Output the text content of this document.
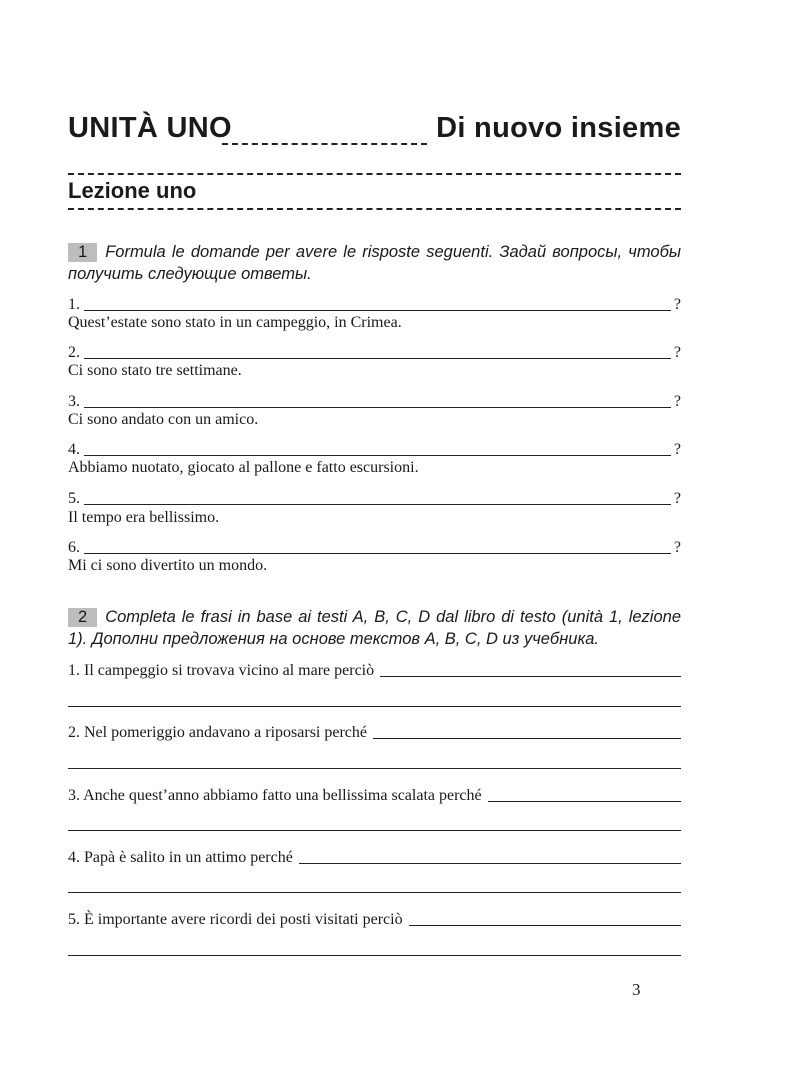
UNITÀ UNO	Di nuovo insieme
Lezione uno
1 Formula le domande per avere le risposte seguenti. Задай вопросы, чтобы получить следующие ответы.
1.	?
Quest’estate sono stato in un campeggio, in Crimea.
2.	?
Ci sono stato tre settimane.
3.	?
Ci sono andato con un amico.
4.	?
Abbiamo nuotato, giocato al pallone e fatto escursioni.
5.	?
Il tempo era bellissimo.
6.	?
Mi ci sono divertito un mondo.
2 Completa le frasi in base ai testi A, B, C, D dal libro di testo (unità 1, lezione 1). Дополни предложения на основе текстов A, B, C, D из учебника.
1. Il campeggio si trovava vicino al mare perciò
2. Nel pomeriggio andavano a riposarsi perché
3. Anche quest’anno abbiamo fatto una bellissima scalata perché
4. Papà è salito in un attimo perché
5. È importante avere ricordi dei posti visitati perciò
3
